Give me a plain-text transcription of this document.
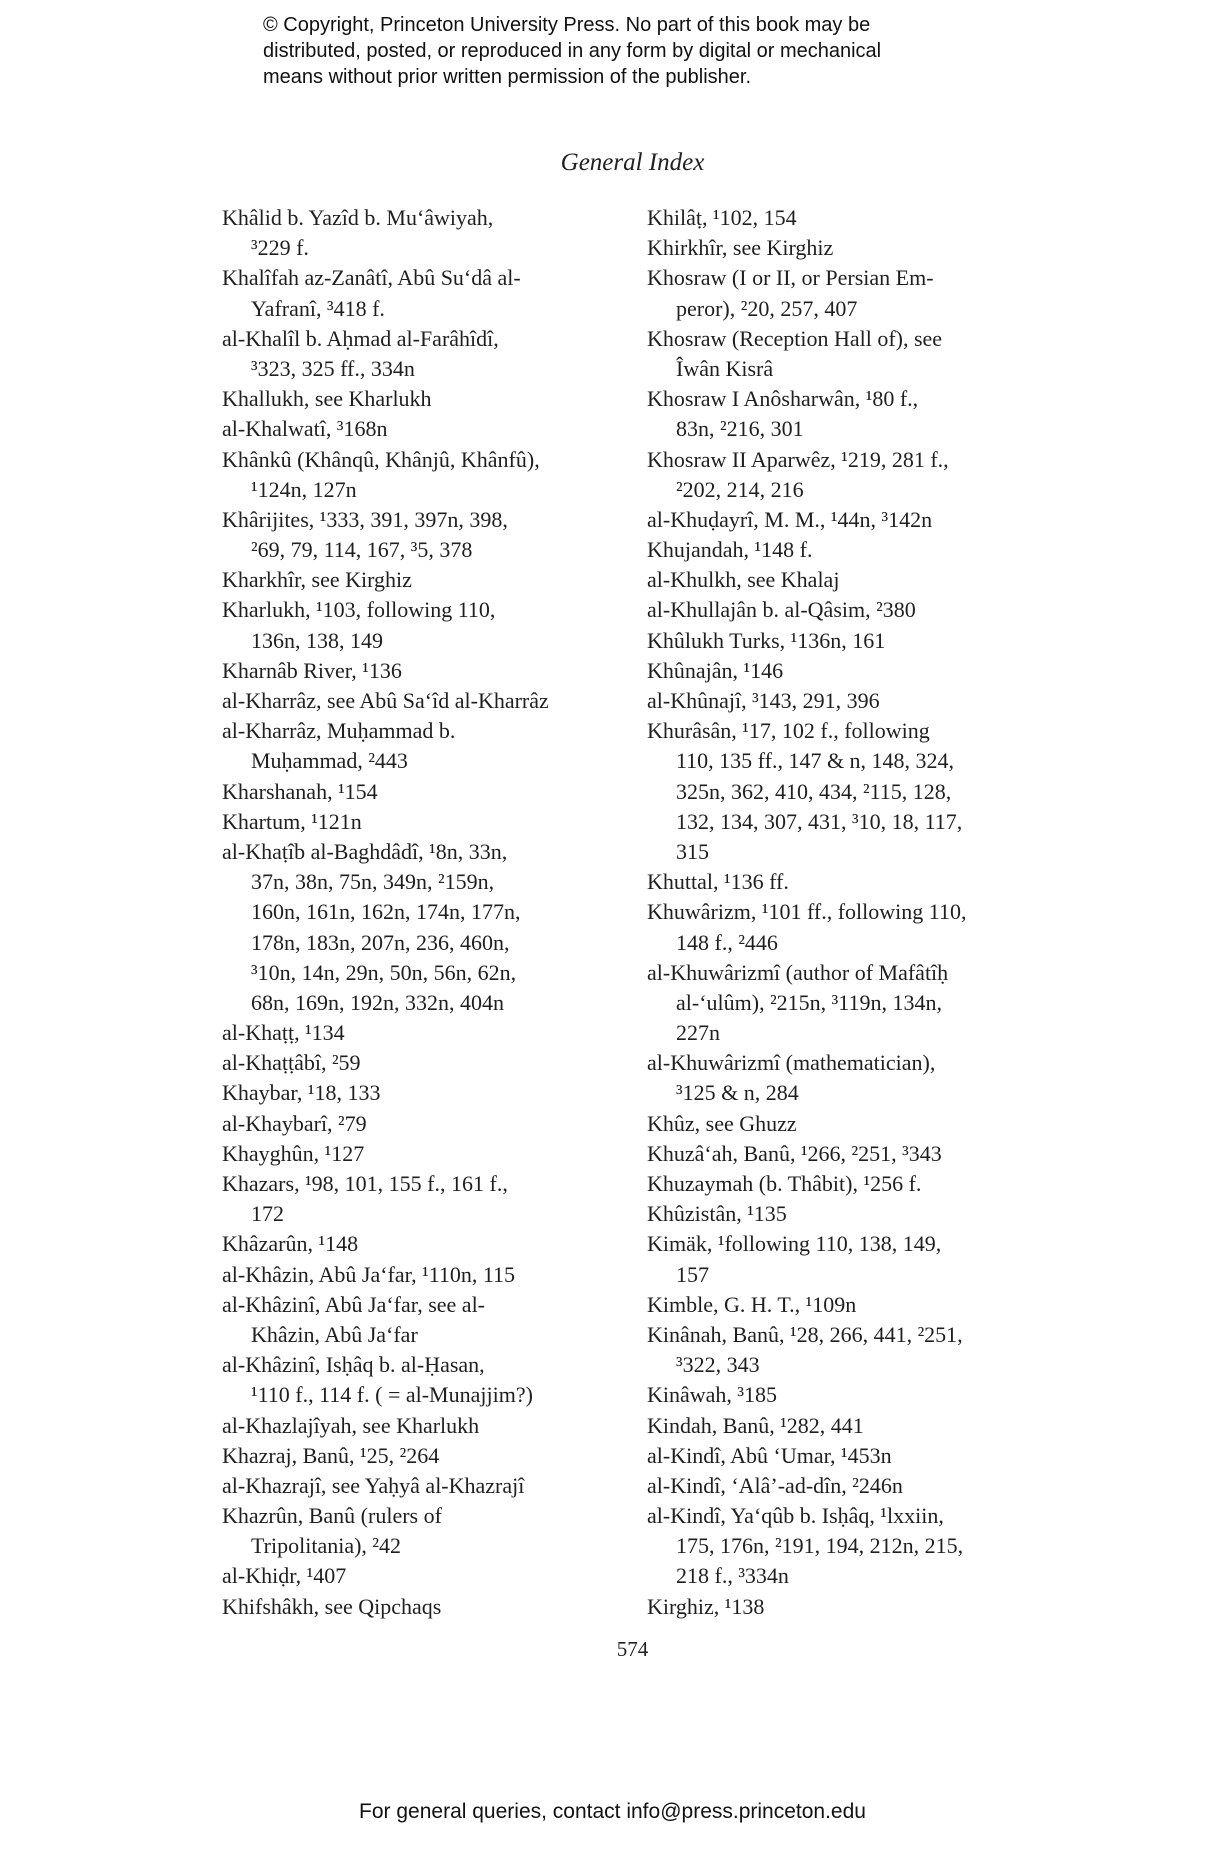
© Copyright, Princeton University Press. No part of this book may be
distributed, posted, or reproduced in any form by digital or mechanical
means without prior written permission of the publisher.
General Index
Khâlid b. Yazîd b. Mu‘âwiyah,
³229 f.
Khalîfah az-Zanâtî, Abû Su‘dâ al-
Yafranî, ³418 f.
al-Khalîl b. Aḥmad al-Farâhîdî,
³323, 325 ff., 334n
Khallukh, see Kharlukh
al-Khalwatî, ³168n
Khânkû (Khânqû, Khânjû, Khânfû),
¹124n, 127n
Khârijites, ¹333, 391, 397n, 398,
²69, 79, 114, 167, ³5, 378
Kharkhîr, see Kirghiz
Kharlukh, ¹103, following 110,
136n, 138, 149
Kharnâb River, ¹136
al-Kharrâz, see Abû Sa‘îd al-Kharrâz
al-Kharrâz, Muḥammad b.
Muḥammad, ²443
Kharshanah, ¹154
Khartum, ¹121n
al-Khaṭîb al-Baghdâdî, ¹8n, 33n,
37n, 38n, 75n, 349n, ²159n,
160n, 161n, 162n, 174n, 177n,
178n, 183n, 207n, 236, 460n,
³10n, 14n, 29n, 50n, 56n, 62n,
68n, 169n, 192n, 332n, 404n
al-Khaṭṭ, ¹134
al-Khaṭṭâbî, ²59
Khaybar, ¹18, 133
al-Khaybarî, ²79
Khayghûn, ¹127
Khazars, ¹98, 101, 155 f., 161 f.,
172
Khâzarûn, ¹148
al-Khâzin, Abû Ja‘far, ¹110n, 115
al-Khâzinî, Abû Ja‘far, see al-
Khâzin, Abû Ja‘far
al-Khâzinî, Isḥâq b. al-Ḥasan,
¹110 f., 114 f. ( = al-Munajjim?)
al-Khazlajîyah, see Kharlukh
Khazraj, Banû, ¹25, ²264
al-Khazrajî, see Yaḥyâ al-Khazrajî
Khazrûn, Banû (rulers of
Tripolitania), ²42
al-Khiḍr, ¹407
Khifshâkh, see Qipchaqs
Khilâṭ, ¹102, 154
Khirkhîr, see Kirghiz
Khosraw (I or II, or Persian Em-
peror), ²20, 257, 407
Khosraw (Reception Hall of), see
Îwân Kisrâ
Khosraw I Anôsharwân, ¹80 f.,
83n, ²216, 301
Khosraw II Aparwêz, ¹219, 281 f.,
²202, 214, 216
al-Khuḍayrî, M. M., ¹44n, ³142n
Khujandah, ¹148 f.
al-Khulkh, see Khalaj
al-Khullajân b. al-Qâsim, ²380
Khûlukh Turks, ¹136n, 161
Khûnajân, ¹146
al-Khûnajî, ³143, 291, 396
Khurâsân, ¹17, 102 f., following
110, 135 ff., 147 & n, 148, 324,
325n, 362, 410, 434, ²115, 128,
132, 134, 307, 431, ³10, 18, 117,
315
Khuttal, ¹136 ff.
Khuwârizm, ¹101 ff., following 110,
148 f., ²446
al-Khuwârizmî (author of Mafâtîḥ
al-‘ulûm), ²215n, ³119n, 134n,
227n
al-Khuwârizmî (mathematician),
³125 & n, 284
Khûz, see Ghuzz
Khuzâ‘ah, Banû, ¹266, ²251, ³343
Khuzaymah (b. Thâbit), ¹256 f.
Khûzistân, ¹135
Kimäk, ¹following 110, 138, 149,
157
Kimble, G. H. T., ¹109n
Kinânah, Banû, ¹28, 266, 441, ²251,
³322, 343
Kinâwah, ³185
Kindah, Banû, ¹282, 441
al-Kindî, Abû ‘Umar, ¹453n
al-Kindî, ‘Alâ’-ad-dîn, ²246n
al-Kindî, Ya‘qûb b. Isḥâq, ¹lxxiin,
175, 176n, ²191, 194, 212n, 215,
218 f., ³334n
Kirghiz, ¹138
574
For general queries, contact info@press.princeton.edu
